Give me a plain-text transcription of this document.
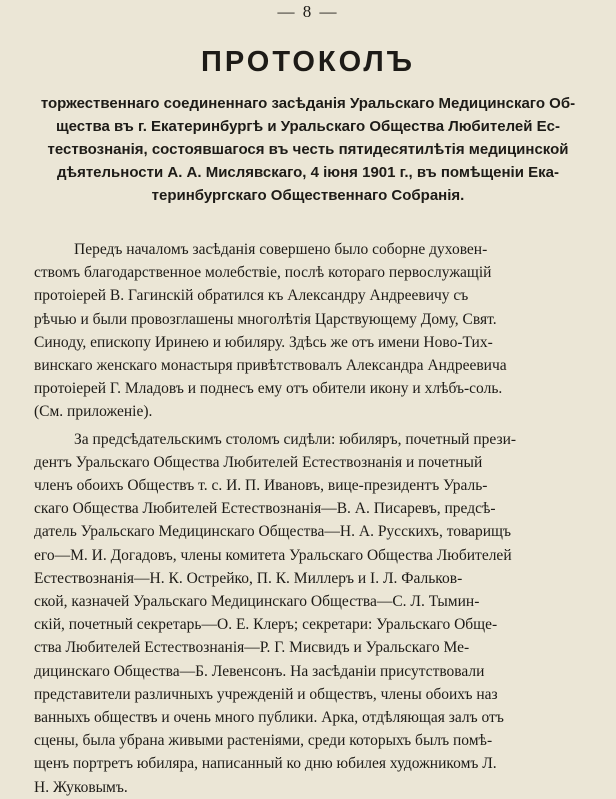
— 8 —
ПРОТОКОЛЪ
торжественнаго соединеннаго засѣданія Уральскаго Медицинскаго Об-
щества въ г. Екатеринбургѣ и Уральскаго Общества Любителей Ес-
тествознанія, состоявшагося въ честь пятидесятилѣтія медицинской
дѣятельности А. А. Мислявскаго, 4 іюня 1901 г., въ помѣщеніи Ека-
теринбургскаго Общественнаго Собранія.
Передъ началомъ засѣданія совершено было соборне духовен-
ствомъ благодарственное молебствіе, послѣ котораго первослужащій
протоіерей В. Гагинскій обратился къ Александру Андреевичу съ
рѣчью и были провозглашены многолѣтія Царствующему Дому, Свят.
Синоду, епископу Иринею и юбиляру. Здѣсь же отъ имени Ново-Тих-
винскаго женскаго монастыря привѣтствовалъ Александра Андреевича
протоіерей Г. Младовъ и поднесъ ему отъ обители икону и хлѣбъ-соль.
(См. приложеніе).
За предсѣдательскимъ столомъ сидѣли: юбиляръ, почетный прези-
дентъ Уральскаго Общества Любителей Естествознанія и почетный
членъ обоихъ Обществъ т. с. И. П. Ивановъ, вице-президентъ Ураль-
скаго Общества Любителей Естествознанія—В. А. Писаревъ, предсѣ-
датель Уральскаго Медицинскаго Общества—Н. А. Русскихъ, товарищъ
его—М. И. Догадовъ, члены комитета Уральскаго Общества Любителей
Естествознанія—Н. К. Острейко, П. К. Миллеръ и І. Л. Фальков-
ской, казначей Уральскаго Медицинскаго Общества—С. Л. Тымин-
скій, почетный секретарь—О. Е. Клеръ; секретари: Уральскаго Обще-
ства Любителей Естествознанія—Р. Г. Мисвидъ и Уральскаго Ме-
дицинскаго Общества—Б. Левенсонъ. На засѣданіи присутствовали
представители различныхъ учрежденій и обществъ, члены обоихъ наз
ванныхъ обществъ и очень много публики. Арка, отдѣляющая залъ отъ
сцены, была убрана живыми растеніями, среди которыхъ былъ помѣ-
щенъ портретъ юбиляра, написанный ко дню юбилея художникомъ Л.
Н. Жуковымъ.
